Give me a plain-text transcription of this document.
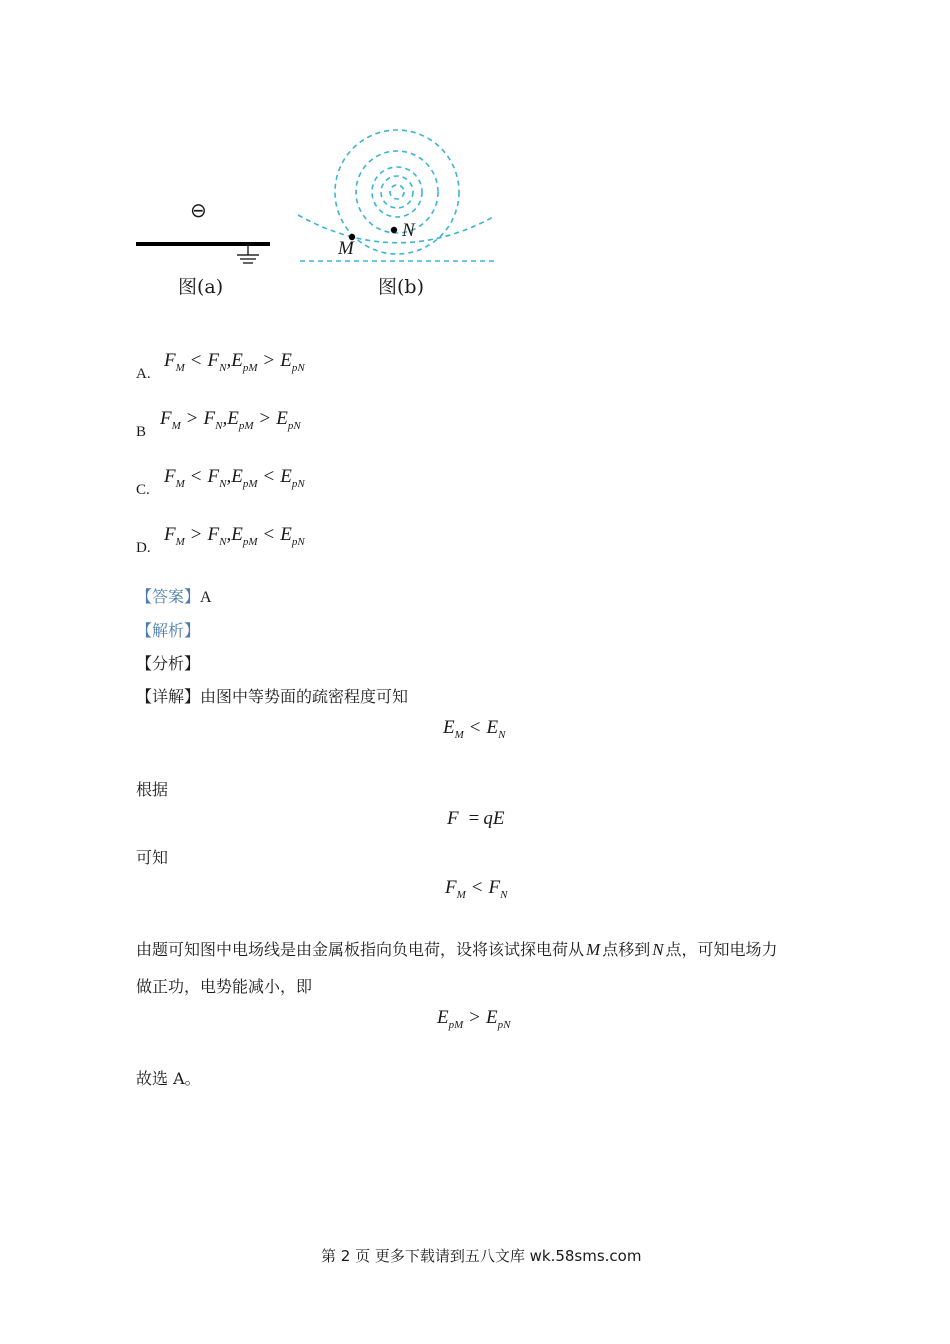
⊖
图(a)
M
N
图(b)
A.
$F_M < F_N,E_{pM} > E_{pN}$
B
$F_M > F_N,E_{pM} > E_{pN}$
C.
$F_M < F_N,E_{pM} < E_{pN}$
D.
$F_M > F_N,E_{pM} < E_{pN}$
【答案】A
【解析】
【分析】
【详解】由图中等势面的疏密程度可知
$E_M < E_N$
根据
F = qE
可知
$F_M < F_N$
由题可知图中电场线是由金属板指向负电荷，设将该试探电荷从 M 点移到 N 点，可知电场力
做正功，电势能减小，即
$E_{pM} > E_{pN}$
故选 A。
第 2 页 更多下载请到五八文库 wk.58sms.com
